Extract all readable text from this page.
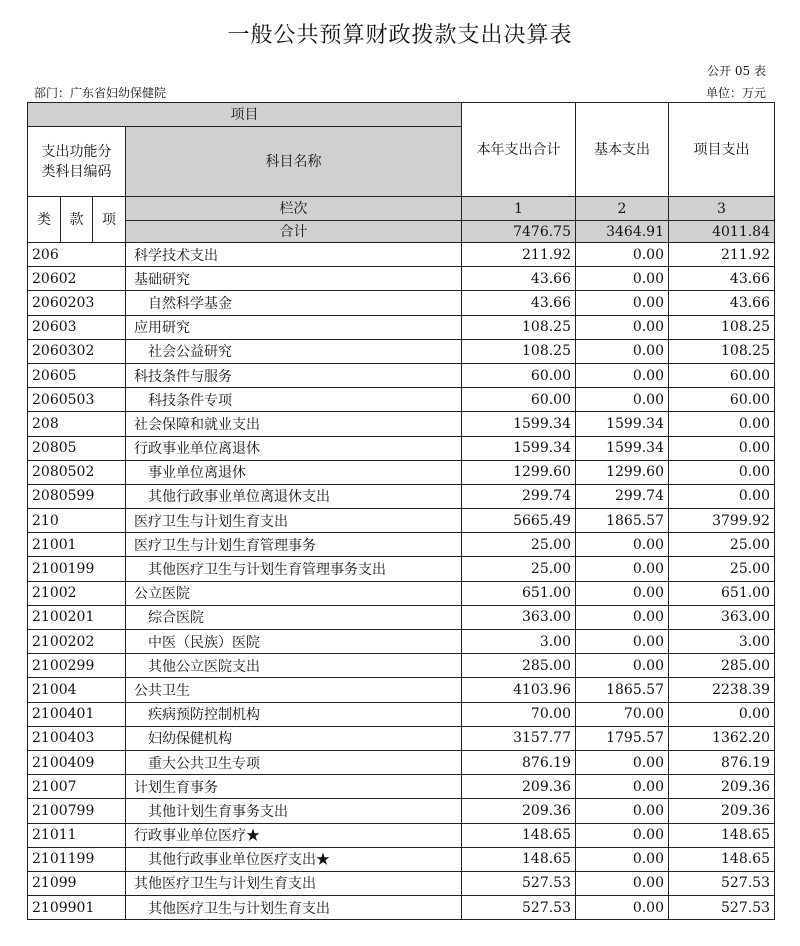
一般公共预算财政拨款支出决算表
公开 05 表
部门：广东省妇幼保健院	单位：万元
项目				本年支出合计	基本支出	项目支出
支出功能分类科目编码			科目名称			
类	款	项	栏次	1	2	3
			合计	7476.75	3464.91	4011.84
206			科学技术支出	211.92	0.00	211.92
20602			基础研究	43.66	0.00	43.66
2060203			自然科学基金	43.66	0.00	43.66
20603			应用研究	108.25	0.00	108.25
2060302			社会公益研究	108.25	0.00	108.25
20605			科技条件与服务	60.00	0.00	60.00
2060503			科技条件专项	60.00	0.00	60.00
208			社会保障和就业支出	1599.34	1599.34	0.00
20805			行政事业单位离退休	1599.34	1599.34	0.00
2080502			事业单位离退休	1299.60	1299.60	0.00
2080599			其他行政事业单位离退休支出	299.74	299.74	0.00
210			医疗卫生与计划生育支出	5665.49	1865.57	3799.92
21001			医疗卫生与计划生育管理事务	25.00	0.00	25.00
2100199			其他医疗卫生与计划生育管理事务支出	25.00	0.00	25.00
21002			公立医院	651.00	0.00	651.00
2100201			综合医院	363.00	0.00	363.00
2100202			中医（民族）医院	3.00	0.00	3.00
2100299			其他公立医院支出	285.00	0.00	285.00
21004			公共卫生	4103.96	1865.57	2238.39
2100401			疾病预防控制机构	70.00	70.00	0.00
2100403			妇幼保健机构	3157.77	1795.57	1362.20
2100409			重大公共卫生专项	876.19	0.00	876.19
21007			计划生育事务	209.36	0.00	209.36
2100799			其他计划生育事务支出	209.36	0.00	209.36
21011			行政事业单位医疗★	148.65	0.00	148.65
2101199			其他行政事业单位医疗支出★	148.65	0.00	148.65
21099			其他医疗卫生与计划生育支出	527.53	0.00	527.53
2109901			其他医疗卫生与计划生育支出	527.53	0.00	527.53
